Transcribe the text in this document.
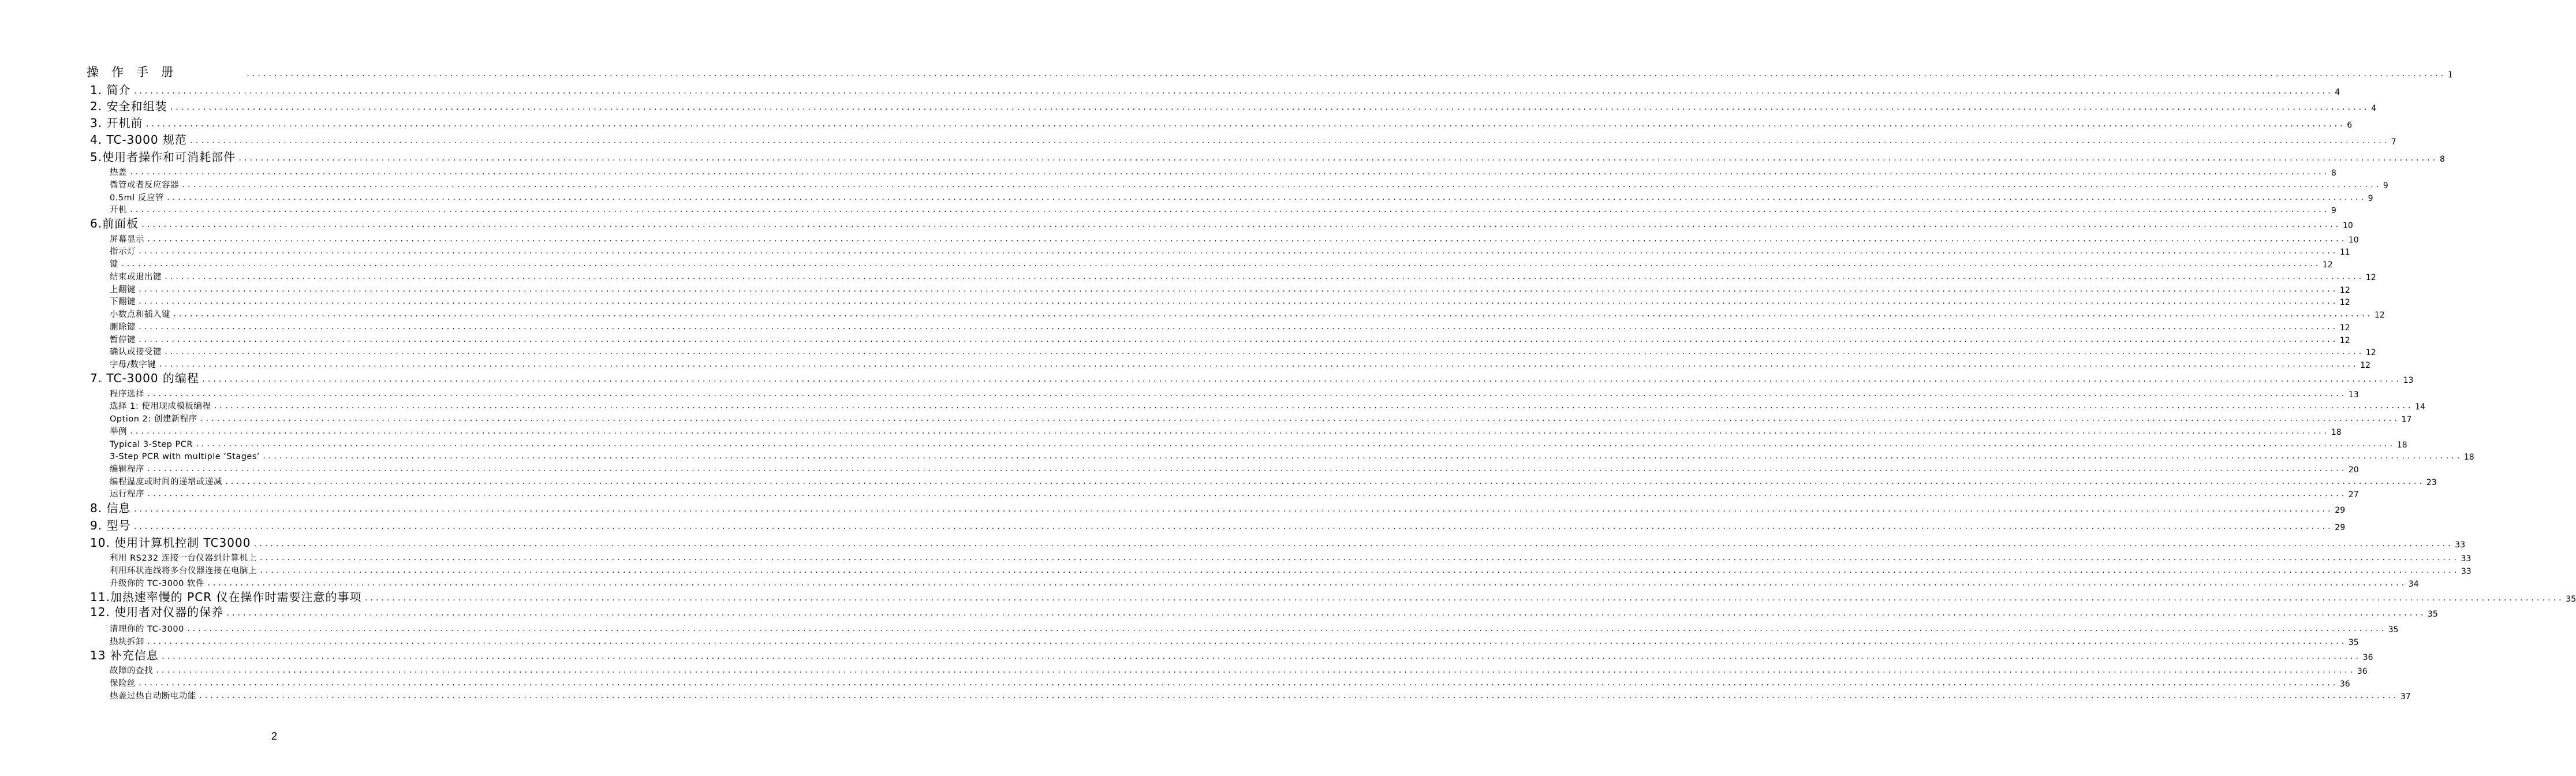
操作手册	................................................................................................................................................................................................................................................................................................................................................................................................................ 1
1. 简介 ................................................................................................................................................................................................................................................................................................................................................................................................................ 4
2. 安全和组装 ................................................................................................................................................................................................................................................................................................................................................................................................................ 4
3. 开机前 ................................................................................................................................................................................................................................................................................................................................................................................................................ 6
4. TC-3000 规范 ................................................................................................................................................................................................................................................................................................................................................................................................................ 7
5.使用者操作和可消耗部件 ................................................................................................................................................................................................................................................................................................................................................................................................................ 8
热盖 ................................................................................................................................................................................................................................................................................................................................................................................................................ 8
微管或者反应容器 ................................................................................................................................................................................................................................................................................................................................................................................................................ 9
0.5ml 反应管 ................................................................................................................................................................................................................................................................................................................................................................................................................ 9
开机 ................................................................................................................................................................................................................................................................................................................................................................................................................ 9
6.前面板 ................................................................................................................................................................................................................................................................................................................................................................................................................ 10
屏幕显示 ................................................................................................................................................................................................................................................................................................................................................................................................................ 10
指示灯 ................................................................................................................................................................................................................................................................................................................................................................................................................ 11
键 ................................................................................................................................................................................................................................................................................................................................................................................................................ 12
结束或退出键 ................................................................................................................................................................................................................................................................................................................................................................................................................ 12
上翻键 ................................................................................................................................................................................................................................................................................................................................................................................................................ 12
下翻键 ................................................................................................................................................................................................................................................................................................................................................................................................................ 12
小数点和插入键 ................................................................................................................................................................................................................................................................................................................................................................................................................ 12
删除键 ................................................................................................................................................................................................................................................................................................................................................................................................................ 12
暂停键 ................................................................................................................................................................................................................................................................................................................................................................................................................ 12
确认或接受键 ................................................................................................................................................................................................................................................................................................................................................................................................................ 12
字母/数字键 ................................................................................................................................................................................................................................................................................................................................................................................................................ 12
7. TC-3000 的编程 ................................................................................................................................................................................................................................................................................................................................................................................................................ 13
程序选择 ................................................................................................................................................................................................................................................................................................................................................................................................................ 13
选择 1: 使用现成模板编程 ................................................................................................................................................................................................................................................................................................................................................................................................................ 14
Option 2: 创建新程序 ................................................................................................................................................................................................................................................................................................................................................................................................................ 17
举例 ................................................................................................................................................................................................................................................................................................................................................................................................................ 18
Typical 3-Step PCR ................................................................................................................................................................................................................................................................................................................................................................................................................ 18
3-Step PCR with multiple ‘Stages’ ................................................................................................................................................................................................................................................................................................................................................................................................................ 18
编辑程序 ................................................................................................................................................................................................................................................................................................................................................................................................................ 20
编程温度或时间的递增或递减 ................................................................................................................................................................................................................................................................................................................................................................................................................ 23
运行程序 ................................................................................................................................................................................................................................................................................................................................................................................................................ 27
8. 信息 ................................................................................................................................................................................................................................................................................................................................................................................................................ 29
9. 型号 ................................................................................................................................................................................................................................................................................................................................................................................................................ 29
10. 使用计算机控制 TC3000 ................................................................................................................................................................................................................................................................................................................................................................................................................ 33
利用 RS232 连接一台仪器到计算机上 ................................................................................................................................................................................................................................................................................................................................................................................................................ 33
利用环状连线将多台仪器连接在电脑上 ................................................................................................................................................................................................................................................................................................................................................................................................................ 33
升级你的 TC-3000 软件 ................................................................................................................................................................................................................................................................................................................................................................................................................ 34
11.加热速率慢的 PCR 仪在操作时需要注意的事项 ................................................................................................................................................................................................................................................................................................................................................................................................................ 35
12. 使用者对仪器的保养 ................................................................................................................................................................................................................................................................................................................................................................................................................ 35
清理你的 TC-3000 ................................................................................................................................................................................................................................................................................................................................................................................................................ 35
热块拆卸 ................................................................................................................................................................................................................................................................................................................................................................................................................ 35
13 补充信息 ................................................................................................................................................................................................................................................................................................................................................................................................................ 36
故障的查找 ................................................................................................................................................................................................................................................................................................................................................................................................................ 36
保险丝 ................................................................................................................................................................................................................................................................................................................................................................................................................ 36
热盖过热自动断电功能 ................................................................................................................................................................................................................................................................................................................................................................................................................ 37
2
